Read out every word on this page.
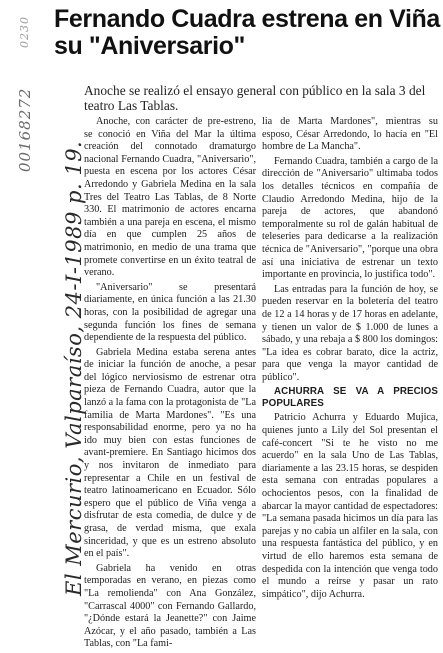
Fernando Cuadra estrena en Viña su "Aniversario"

Anoche se realizó el ensayo general con público en la sala 3 del teatro Las Tablas.

Anoche, con carácter de pre-estreno, se conoció en Viña del Mar la última creación del connotado dramaturgo nacional Fernando Cuadra, "Aniversario", puesta en escena por los actores César Arredondo y Gabriela Medina en la sala Tres del Teatro Las Tablas, de 8 Norte 330. El matrimonio de actores encarna también a una pareja en escena, el mismo día en que cumplen 25 años de matrimonio, en medio de una trama que promete convertirse en un éxito teatral de verano.

"Aniversario" se presentará diariamente, en única función a las 21.30 horas, con la posibilidad de agregar una segunda función los fines de semana dependiente de la respuesta del público.

Gabriela Medina estaba serena antes de iniciar la función de anoche, a pesar del lógico nerviosismo de estrenar otra pieza de Fernando Cuadra, autor que la lanzó a la fama con la protagonista de "La familia de Marta Mardones". "Es una responsabilidad enorme, pero ya no ha ido muy bien con estas funciones de avant-premiere. En Santiago hicimos dos y nos invitaron de inmediato para representar a Chile en un festival de teatro latinoamericano en Ecuador. Sólo espero que el público de Viña venga a disfrutar de esta comedia, de dulce y de grasa, de verdad misma, que exala sinceridad, y que es un estreno absoluto en el país".

Gabriela ha venido en otras temporadas en verano, en piezas como "La remolienda" con Ana González, "Carrascal 4000" con Fernando Gallardo, "¿Dónde estará la Jeanette?" con Jaime Azócar, y el año pasado, también a Las Tablas, con "La fami-

lia de Marta Mardones", mientras su esposo, César Arredondo, lo hacía en "El hombre de La Mancha".

Fernando Cuadra, también a cargo de la dirección de "Aniversario" ultimaba todos los detalles técnicos en compañía de Claudio Arredondo Medina, hijo de la pareja de actores, que abandonó temporalmente su rol de galán habitual de teleseries para dedicarse a la realización técnica de "Aniversario", "porque una obra así una iniciativa de estrenar un texto importante en provincia, lo justifica todo".

Las entradas para la función de hoy, se pueden reservar en la boletería del teatro de 12 a 14 horas y de 17 horas en adelante, y tienen un valor de $ 1.000 de lunes a sábado, y una rebaja a $ 800 los domingos: "La idea es cobrar barato, dice la actriz, para que venga la mayor cantidad de público".

ACHURRA SE VA A PRECIOS POPULARES

Patricio Achurra y Eduardo Mujica, quienes junto a Lily del Sol presentan el café-concert "Si te he visto no me acuerdo" en la sala Uno de Las Tablas, diariamente a las 23.15 horas, se despiden esta semana con entradas populares a ochocientos pesos, con la finalidad de abarcar la mayor cantidad de espectadores: "La semana pasada hicimos un día para las parejas y no cabía un alfiler en la sala, con una respuesta fantástica del público, y en virtud de ello haremos esta semana de despedida con la intención que venga todo el mundo a reírse y pasar un rato simpático", dijo Achurra.

00168272
0230
El Mercurio, Valparaíso, 24-I-1989 p. 19.
